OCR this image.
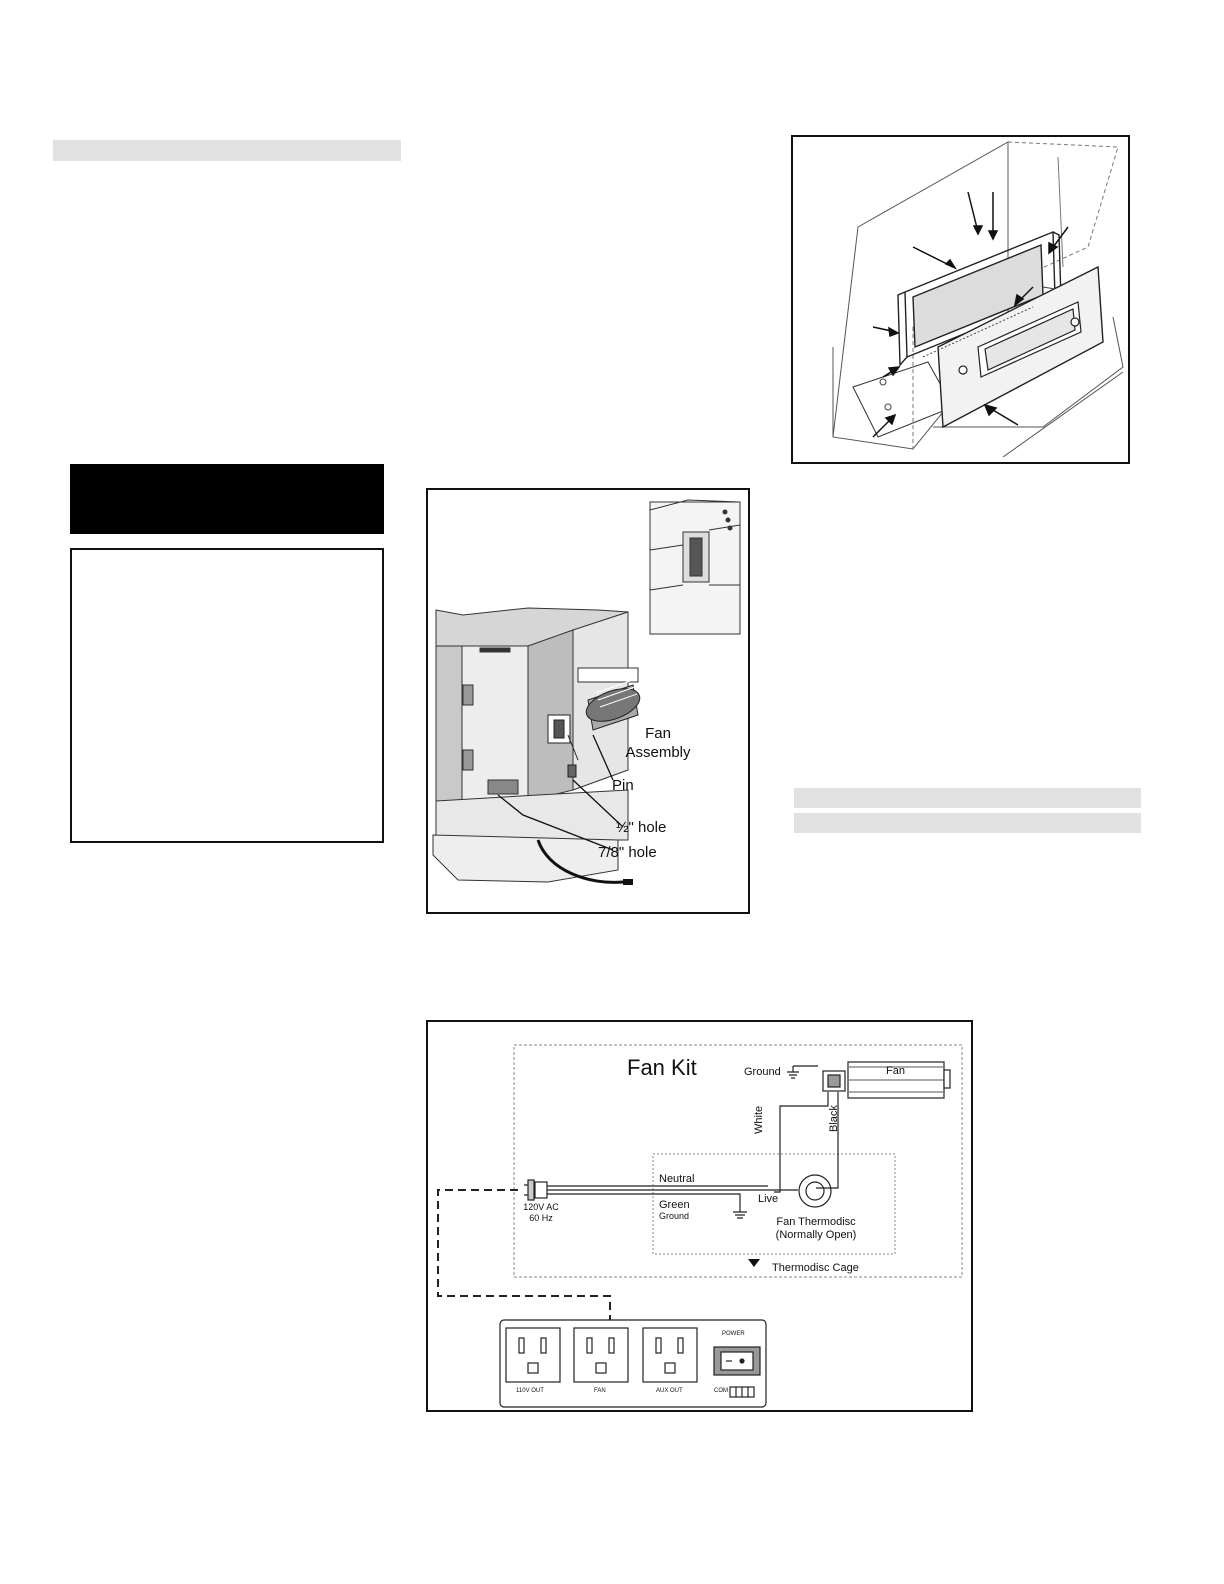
Fan
Assembly
Pin
½" hole
7/8" hole
Fan Kit	Ground	Fan
White	Black
Neutral
Live
Green
Ground
120V AC
60 Hz	Fan Thermodisc
(Normally Open)
Thermodisc Cage
POWER
110V OUT	FAN	AUX OUT	COM
